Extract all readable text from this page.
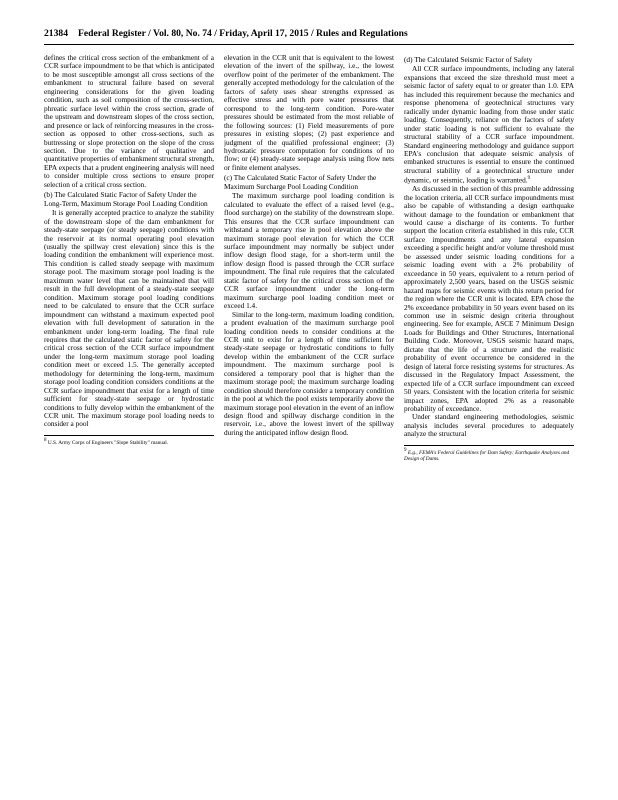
21384 Federal Register / Vol. 80, No. 74 / Friday, April 17, 2015 / Rules and Regulations

defines the critical cross section of the embankment of a CCR surface impoundment to be that which is anticipated to be most susceptible amongst all cross sections of the embankment to structural failure based on several engineering considerations for the given loading condition, such as soil composition of the cross-section, phreatic surface level within the cross section, grade of the upstream and downstream slopes of the cross section, and presence or lack of reinforcing measures in the cross-section as opposed to other cross-sections, such as buttressing or slope protection on the slope of the cross section. Due to the variance of qualitative and quantitative properties of embankment structural strength, EPA expects that a prudent engineering analysis will need to consider multiple cross sections to ensure proper selection of a critical cross section.

(b) The Calculated Static Factor of Safety Under the Long-Term, Maximum Storage Pool Loading Condition

It is generally accepted practice to analyze the stability of the downstream slope of the dam embankment for steady-state seepage (or steady seepage) conditions with the reservoir at its normal operating pool elevation (usually the spillway crest elevation) since this is the loading condition the embankment will experience most. This condition is called steady seepage with maximum storage pool. The maximum storage pool loading is the maximum water level that can be maintained that will result in the full development of a steady-state seepage condition. Maximum storage pool loading conditions need to be calculated to ensure that the CCR surface impoundment can withstand a maximum expected pool elevation with full development of saturation in the embankment under long-term loading. The final rule requires that the calculated static factor of safety for the critical cross section of the CCR surface impoundment under the long-term maximum storage pool loading condition meet or exceed 1.5. The generally accepted methodology for determining the long-term, maximum storage pool loading condition considers conditions at the CCR surface impoundment that exist for a length of time sufficient for steady-state seepage or hydrostatic conditions to fully develop within the embankment of the CCR unit. The maximum storage pool loading needs to consider a pool

$^8$ U.S. Army Corps of Engineers "Slope Stability" manual.

elevation in the CCR unit that is equivalent to the lowest elevation of the invert of the spillway, i.e., the lowest overflow point of the perimeter of the embankment. The generally accepted methodology for the calculation of the factors of safety uses shear strengths expressed as effective stress and with pore water pressures that correspond to the long-term condition. Pore-water pressures should be estimated from the most reliable of the following sources: (1) Field measurements of pore pressures in existing slopes; (2) past experience and judgment of the qualified professional engineer; (3) hydrostatic pressure computation for conditions of no flow; or (4) steady-state seepage analysis using flow nets or finite element analyses.

(c) The Calculated Static Factor of Safety Under the Maximum Surcharge Pool Loading Condition

The maximum surcharge pool loading condition is calculated to evaluate the effect of a raised level (e.g., flood surcharge) on the stability of the downstream slope. This ensures that the CCR surface impoundment can withstand a temporary rise in pool elevation above the maximum storage pool elevation for which the CCR surface impoundment may normally be subject under inflow design flood stage, for a short-term until the inflow design flood is passed through the CCR surface impoundment. The final rule requires that the calculated static factor of safety for the critical cross section of the CCR surface impoundment under the long-term maximum surcharge pool loading condition meet or exceed 1.4.

Similar to the long-term, maximum loading condition, a prudent evaluation of the maximum surcharge pool loading condition needs to consider conditions at the CCR unit to exist for a length of time sufficient for steady-state seepage or hydrostatic conditions to fully develop within the embankment of the CCR surface impoundment. The maximum surcharge pool is considered a temporary pool that is higher than the maximum storage pool; the maximum surcharge loading condition should therefore consider a temporary condition in the pool at which the pool exists temporarily above the maximum storage pool elevation in the event of an inflow design flood and spillway discharge condition in the reservoir, i.e., above the lowest invert of the spillway during the anticipated inflow design flood.

(d) The Calculated Seismic Factor of Safety

All CCR surface impoundments, including any lateral expansions that exceed the size threshold must meet a seismic factor of safety equal to or greater than 1.0. EPA has included this requirement because the mechanics and response phenomena of geotechnical structures vary radically under dynamic loading from those under static loading. Consequently, reliance on the factors of safety under static loading is not sufficient to evaluate the structural stability of a CCR surface impoundment. Standard engineering methodology and guidance support EPA's conclusion that adequate seismic analysis of embanked structures is essential to ensure the continued structural stability of a geotechnical structure under dynamic, or seismic, loading is warranted.$^9$

As discussed in the section of this preamble addressing the location criteria, all CCR surface impoundments must also be capable of withstanding a design earthquake without damage to the foundation or embankment that would cause a discharge of its contents. To further support the location criteria established in this rule, CCR surface impoundments and any lateral expansion exceeding a specific height and/or volume threshold must be assessed under seismic loading conditions for a seismic loading event with a 2% probability of exceedance in 50 years, equivalent to a return period of approximately 2,500 years, based on the USGS seismic hazard maps for seismic events with this return period for the region where the CCR unit is located. EPA chose the 2% exceedance probability in 50 years event based on its common use in seismic design criteria throughout engineering. See for example, ASCE 7 Minimum Design Loads for Buildings and Other Structures, International Building Code. Moreover, USGS seismic hazard maps, dictate that the life of a structure and the realistic probability of event occurrence be considered in the design of lateral force resisting systems for structures. As discussed in the Regulatory Impact Assessment, the expected life of a CCR surface impoundment can exceed 50 years. Consistent with the location criteria for seismic impact zones, EPA adopted 2% as a reasonable probability of exceedance.

Under standard engineering methodologies, seismic analysis includes several procedures to adequately analyze the structural

$^9$ E.g., FEMA's Federal Guidelines for Dam Safety: Earthquake Analyses and Design of Dams.
